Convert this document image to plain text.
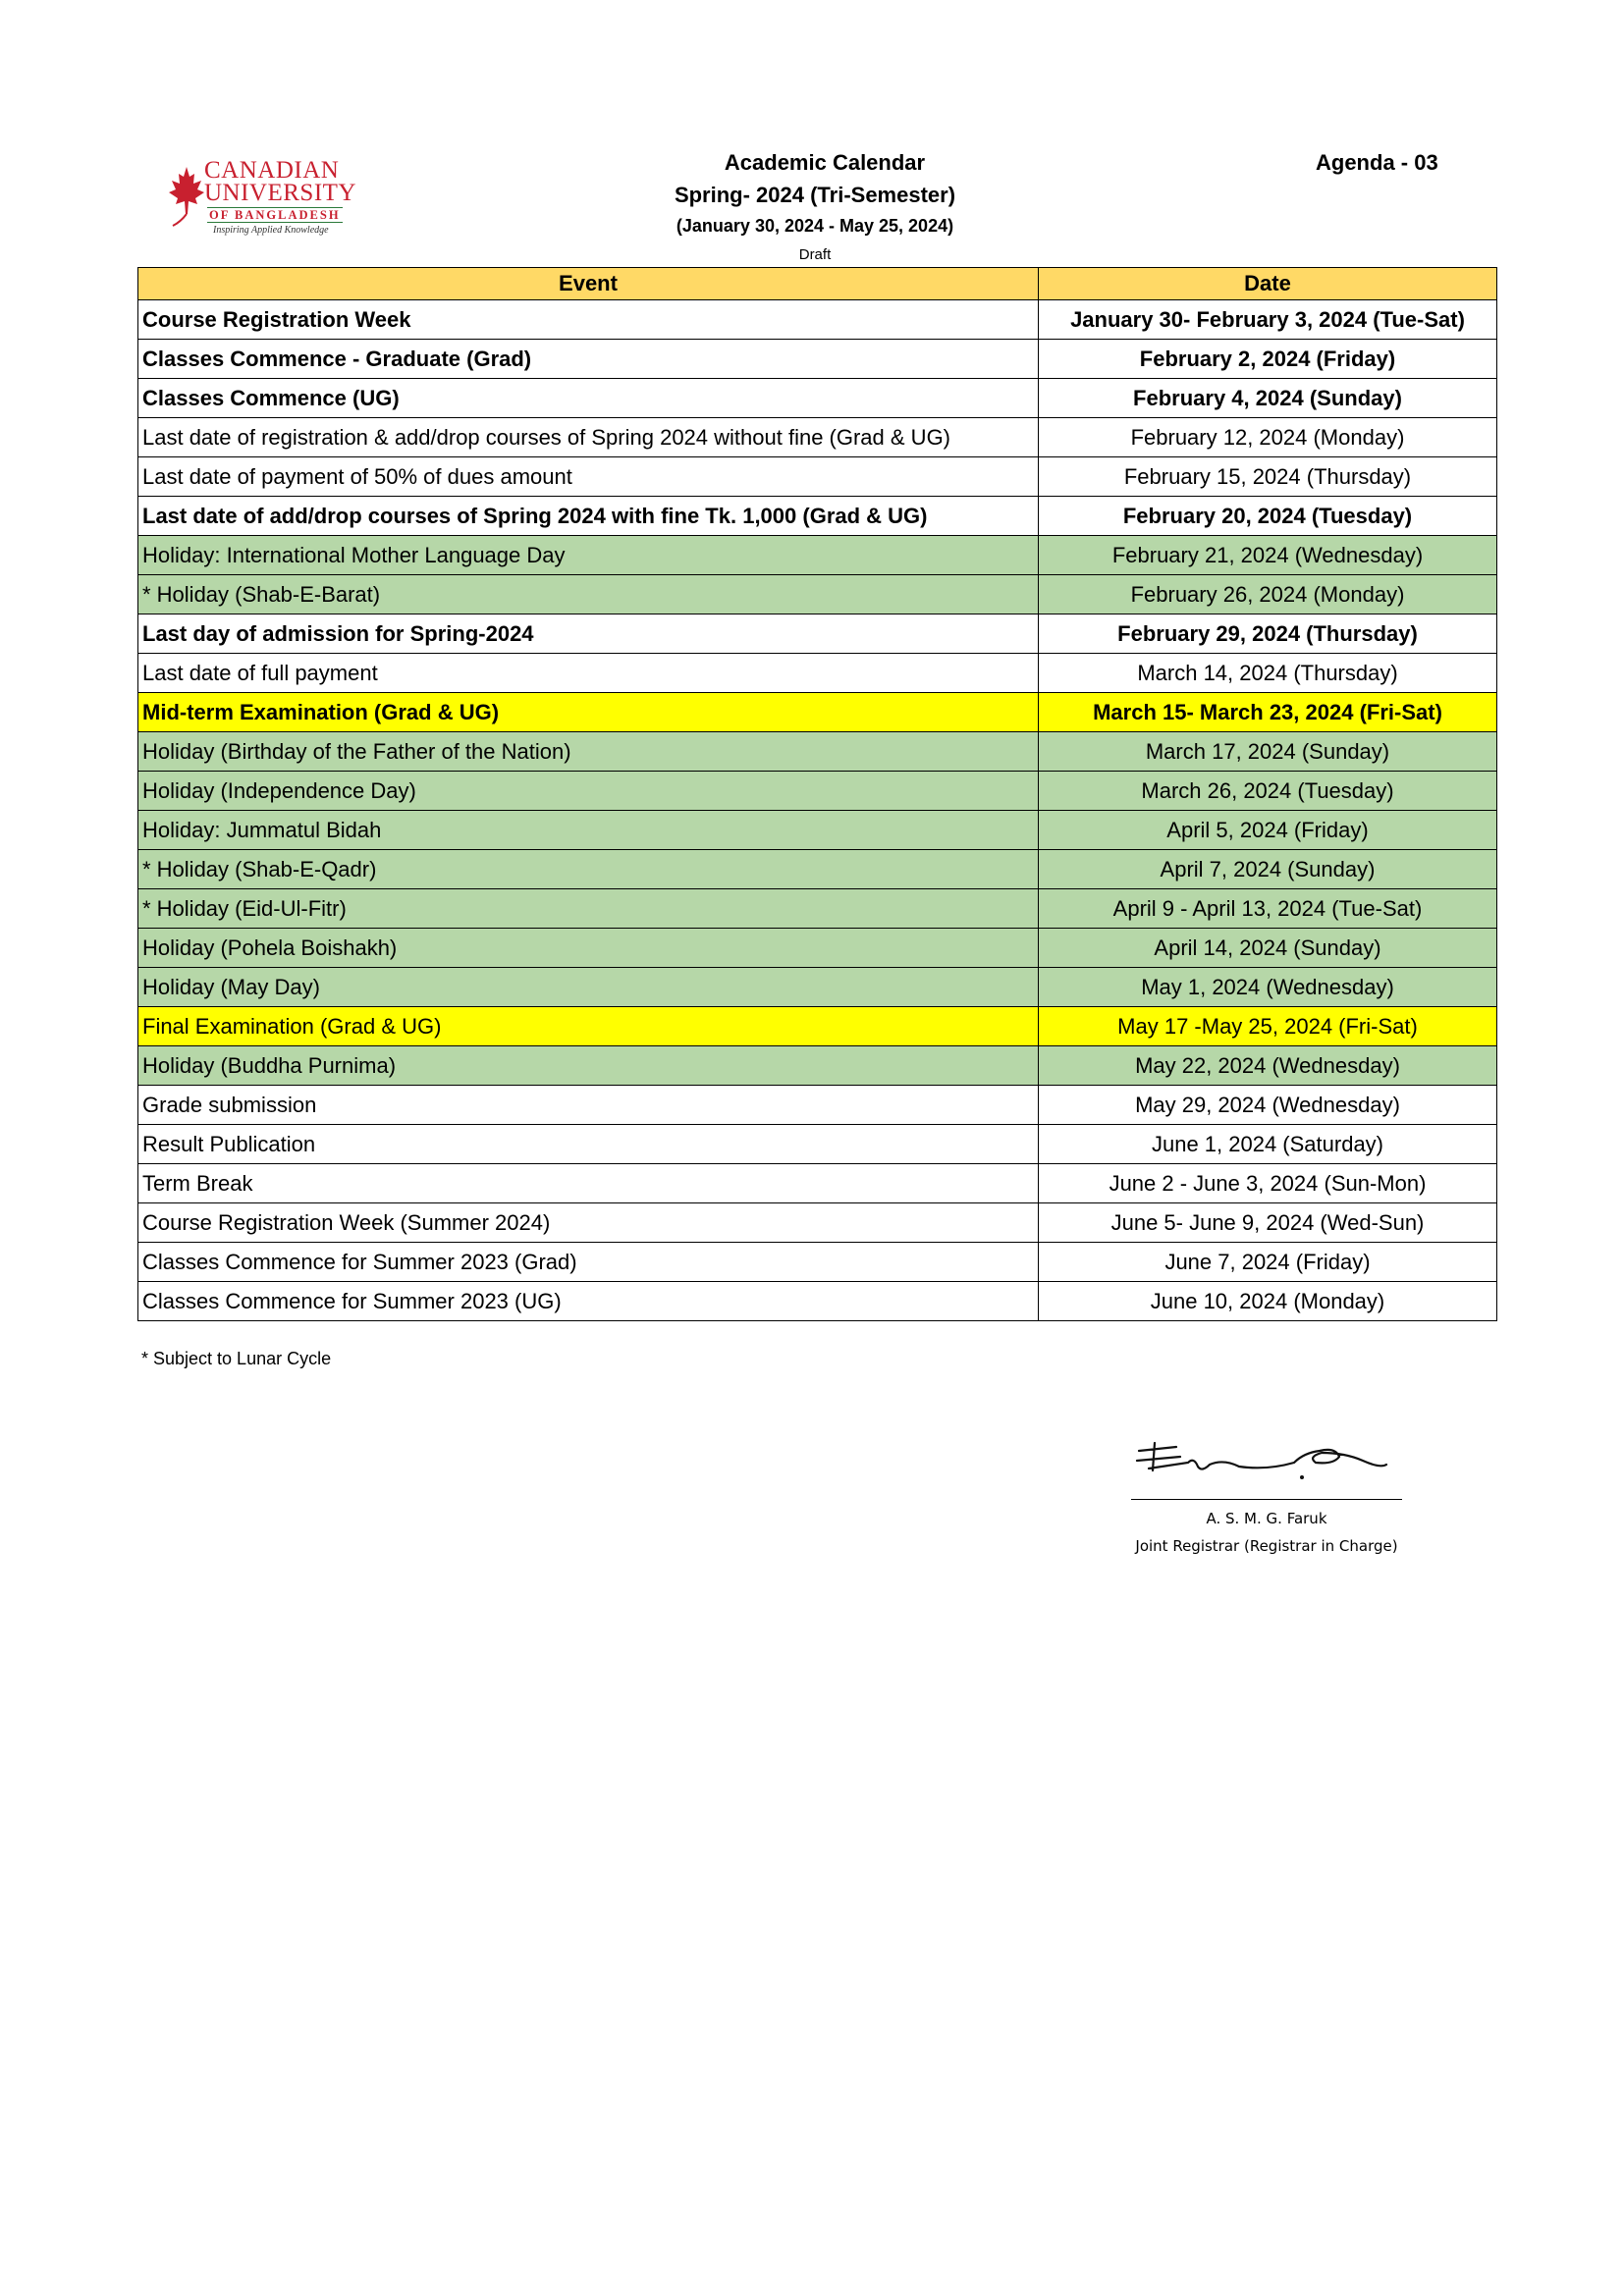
CANADIAN
UNIVERSITY
OF BANGLADESH
Inspiring Applied Knowledge
Academic Calendar
Spring- 2024 (Tri-Semester)
(January 30, 2024 - May 25, 2024)
Draft
Agenda - 03
Event	Date
Course Registration Week	January 30- February 3, 2024 (Tue-Sat)
Classes Commence - Graduate (Grad)	February 2, 2024 (Friday)
Classes Commence (UG)	February 4, 2024 (Sunday)
Last date of registration & add/drop courses of Spring 2024 without fine (Grad & UG)	February 12, 2024 (Monday)
Last date of payment of 50% of dues amount	February 15, 2024 (Thursday)
Last date of add/drop courses of Spring 2024 with fine Tk. 1,000 (Grad & UG)	February 20, 2024 (Tuesday)
Holiday: International Mother Language Day	February 21, 2024 (Wednesday)
* Holiday (Shab-E-Barat)	February 26, 2024 (Monday)
Last day of admission for Spring-2024	February 29, 2024 (Thursday)
Last date of full payment	March 14, 2024 (Thursday)
Mid-term Examination (Grad & UG)	March 15- March 23, 2024 (Fri-Sat)
Holiday (Birthday of the Father of the Nation)	March 17, 2024 (Sunday)
Holiday (Independence Day)	March 26, 2024 (Tuesday)
Holiday: Jummatul Bidah	April 5, 2024 (Friday)
* Holiday (Shab-E-Qadr)	April 7, 2024 (Sunday)
* Holiday (Eid-Ul-Fitr)	April 9 - April 13, 2024 (Tue-Sat)
Holiday (Pohela Boishakh)	April 14, 2024 (Sunday)
Holiday (May Day)	May 1, 2024 (Wednesday)
Final Examination (Grad & UG)	May 17 -May 25, 2024 (Fri-Sat)
Holiday (Buddha Purnima)	May 22, 2024 (Wednesday)
Grade submission	May 29, 2024 (Wednesday)
Result Publication	June 1, 2024 (Saturday)
Term Break	June 2 - June 3, 2024 (Sun-Mon)
Course Registration Week (Summer 2024)	June 5- June 9, 2024 (Wed-Sun)
Classes Commence for Summer 2023 (Grad)	June 7, 2024 (Friday)
Classes Commence for Summer 2023 (UG)	June 10, 2024 (Monday)
* Subject to Lunar Cycle
A. S. M. G. Faruk
Joint Registrar (Registrar in Charge)
